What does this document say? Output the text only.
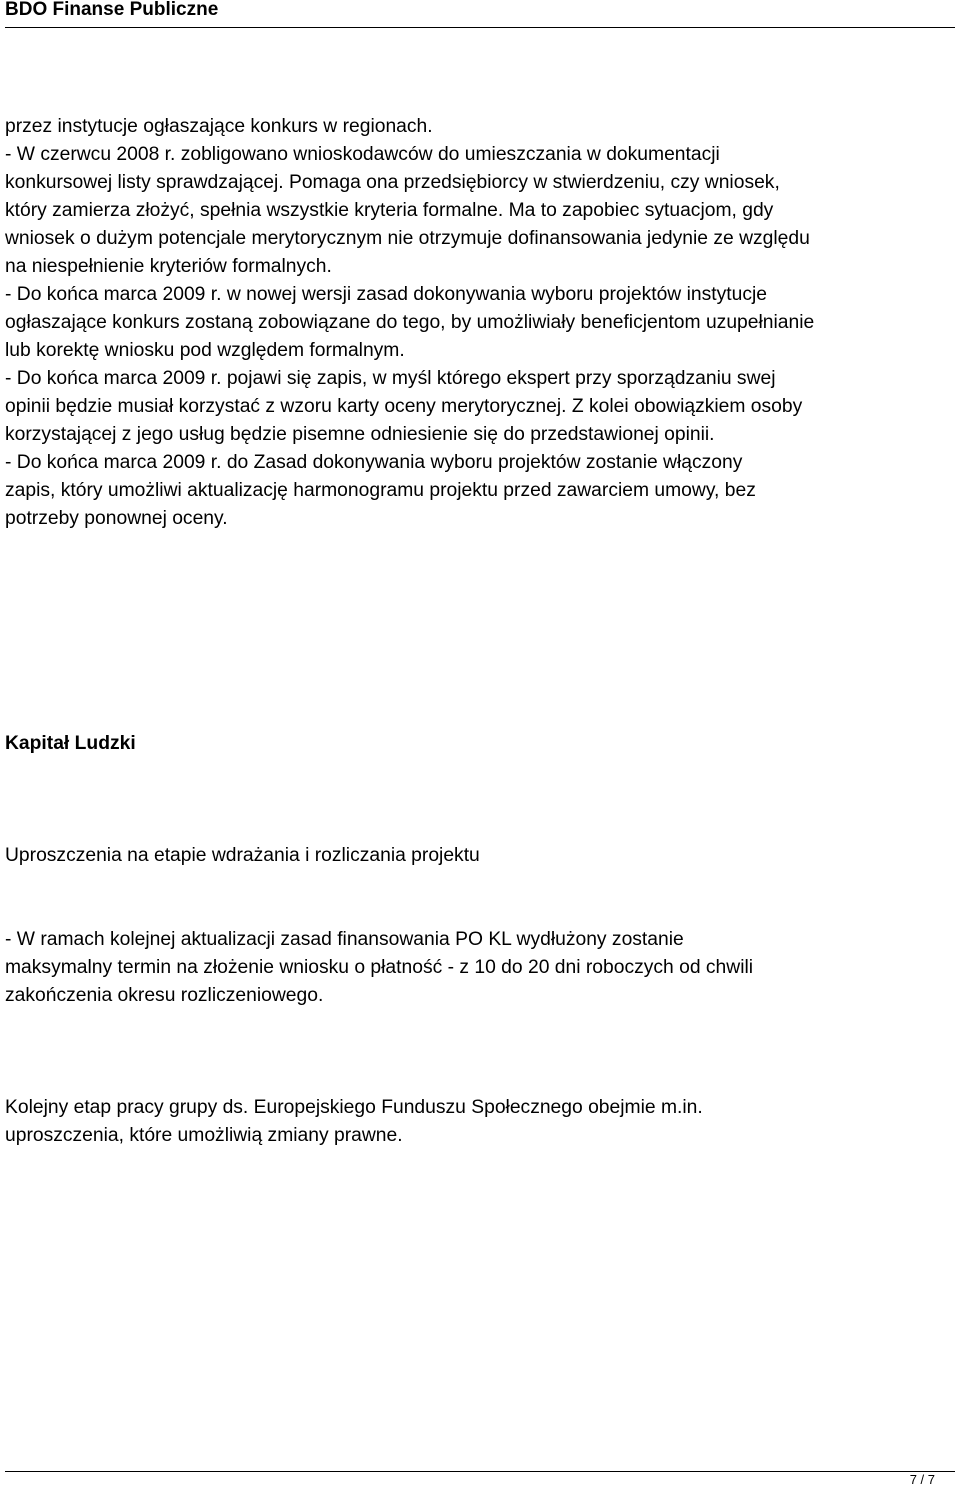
BDO Finanse Publiczne
przez instytucje ogłaszające konkurs w regionach.
- W czerwcu 2008 r. zobligowano wnioskodawców do umieszczania w dokumentacji
konkursowej listy sprawdzającej. Pomaga ona przedsiębiorcy w stwierdzeniu, czy wniosek,
który zamierza złożyć, spełnia wszystkie kryteria formalne. Ma to zapobiec sytuacjom, gdy
wniosek o dużym potencjale merytorycznym nie otrzymuje dofinansowania jedynie ze względu
na niespełnienie kryteriów formalnych.
- Do końca marca 2009 r. w nowej wersji zasad dokonywania wyboru projektów instytucje
ogłaszające konkurs zostaną zobowiązane do tego, by umożliwiały beneficjentom uzupełnianie
lub korektę wniosku pod względem formalnym.
- Do końca marca 2009 r. pojawi się zapis, w myśl którego ekspert przy sporządzaniu swej
opinii będzie musiał korzystać z wzoru karty oceny merytorycznej. Z kolei obowiązkiem osoby
korzystającej z jego usług będzie pisemne odniesienie się do przedstawionej opinii.
- Do końca marca 2009 r. do Zasad dokonywania wyboru projektów zostanie włączony
zapis, który umożliwi aktualizację harmonogramu projektu przed zawarciem umowy, bez
potrzeby ponownej oceny.
Kapitał Ludzki
Uproszczenia na etapie wdrażania i rozliczania projektu
- W ramach kolejnej aktualizacji zasad finansowania PO KL wydłużony zostanie
maksymalny termin na złożenie wniosku o płatność - z 10 do 20 dni roboczych od chwili
zakończenia okresu rozliczeniowego.
Kolejny etap pracy grupy ds. Europejskiego Funduszu Społecznego obejmie m.in.
uproszczenia, które umożliwią zmiany prawne.
7 / 7
